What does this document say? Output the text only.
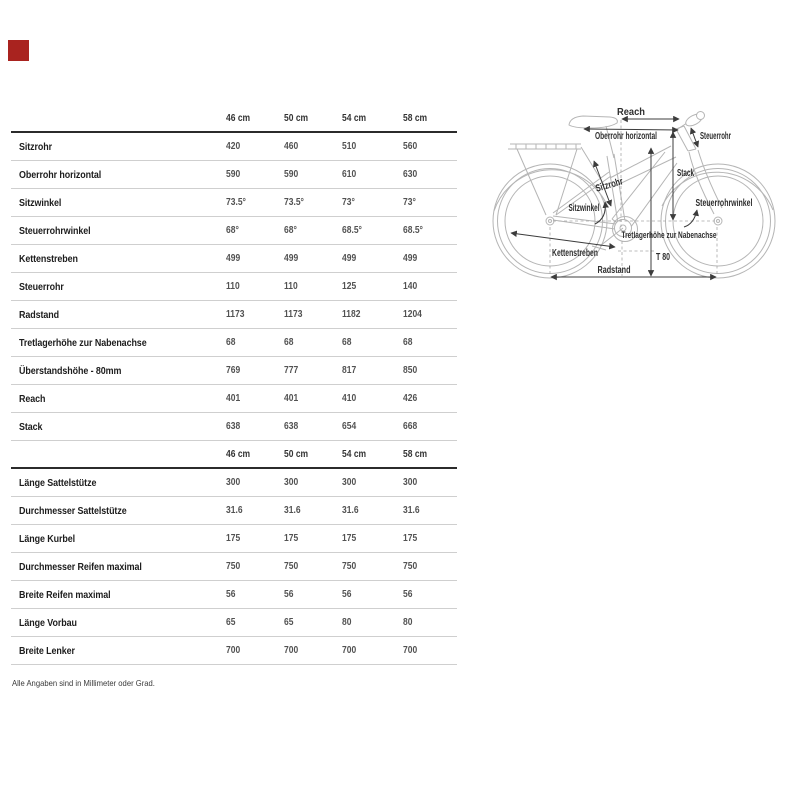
46 cm	50 cm	54 cm	58 cm
Sitzrohr	420	460	510	560
Oberrohr horizontal	590	590	610	630
Sitzwinkel	73.5°	73.5°	73°	73°
Steuerrohrwinkel	68°	68°	68.5°	68.5°
Kettenstreben	499	499	499	499
Steuerrohr	110	110	125	140
Radstand	1173	1173	1182	1204
Tretlagerhöhe zur Nabenachse	68	68	68	68
Überstandshöhe - 80mm	769	777	817	850
Reach	401	401	410	426
Stack	638	638	654	668
46 cm	50 cm	54 cm	58 cm
Länge Sattelstütze	300	300	300	300
Durchmesser Sattelstütze	31.6	31.6	31.6	31.6
Länge Kurbel	175	175	175	175
Durchmesser Reifen maximal	750	750	750	750
Breite Reifen maximal	56	56	56	56
Länge Vorbau	65	65	80	80
Breite Lenker	700	700	700	700
Alle Angaben sind in Millimeter oder Grad.
Reach
Oberrohr horizontal	Steuerrohr
Stack
Sitzrohr
Sitzwinkel	Steuerrohrwinkel
Tretlagerhöhe zur Nabenachse
Kettenstreben	T 80
Radstand
